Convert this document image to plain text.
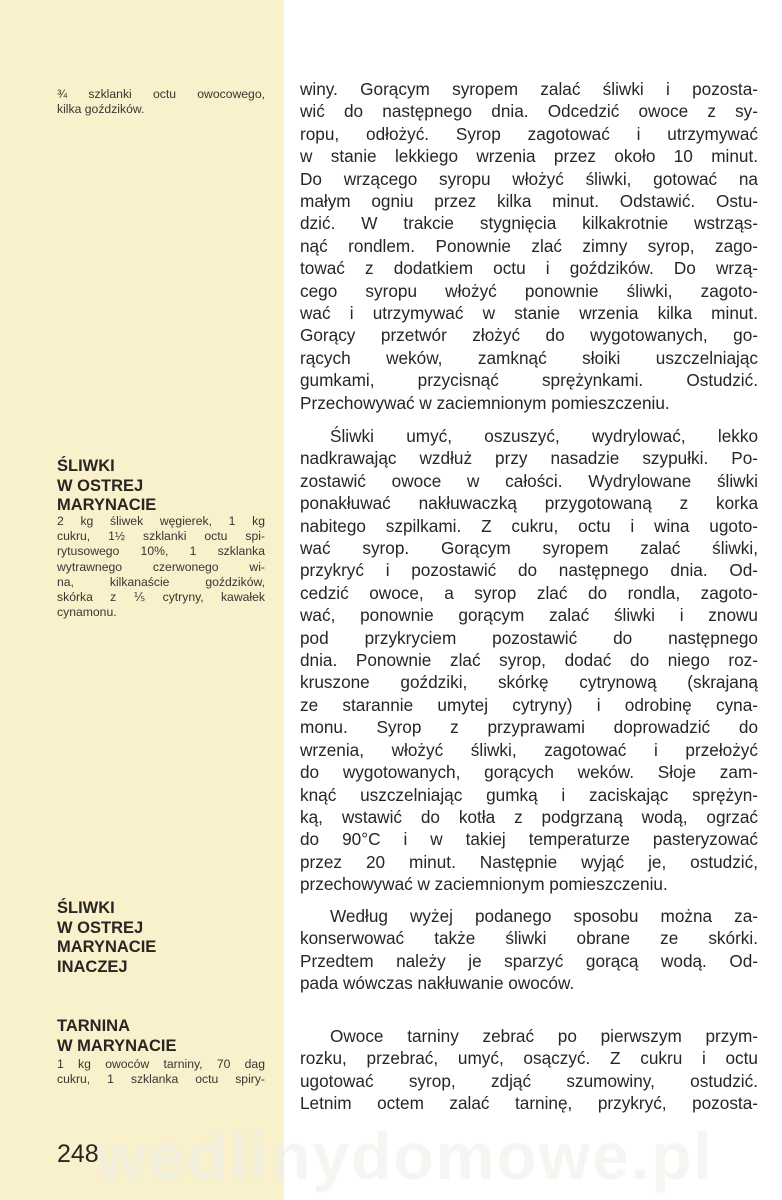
wedlinydomowe.pl
¾ szklanki octu owocowego,
kilka goździków.
ŚLIWKI
W OSTREJ
MARYNACIE
2 kg śliwek węgierek, 1 kg
cukru, 1½ szklanki octu spi-
rytusowego 10%, 1 szklanka
wytrawnego czerwonego wi-
na, kilkanaście goździków,
skórka z ⅕ cytryny, kawałek
cynamonu.
ŚLIWKI
W OSTREJ
MARYNACIE
INACZEJ
TARNINA
W MARYNACIE
1 kg owoców tarniny, 70 dag
cukru, 1 szklanka octu spiry-
winy. Gorącym syropem zalać śliwki i pozosta-
wić do następnego dnia. Odcedzić owoce z sy-
ropu, odłożyć. Syrop zagotować i utrzymywać
w stanie lekkiego wrzenia przez około 10 minut.
Do wrzącego syropu włożyć śliwki, gotować na
małym ogniu przez kilka minut. Odstawić. Ostu-
dzić. W trakcie stygnięcia kilkakrotnie wstrząs-
nąć rondlem. Ponownie zlać zimny syrop, zago-
tować z dodatkiem octu i goździków. Do wrzą-
cego syropu włożyć ponownie śliwki, zagoto-
wać i utrzymywać w stanie wrzenia kilka minut.
Gorący przetwór złożyć do wygotowanych, go-
rących weków, zamknąć słoiki uszczelniając
gumkami, przycisnąć sprężynkami. Ostudzić.
Przechowywać w zaciemnionym pomieszczeniu.
Śliwki umyć, oszuszyć, wydrylować, lekko
nadkrawając wzdłuż przy nasadzie szypułki. Po-
zostawić owoce w całości. Wydrylowane śliwki
ponakłuwać nakłuwaczką przygotowaną z korka
nabitego szpilkami. Z cukru, octu i wina ugoto-
wać syrop. Gorącym syropem zalać śliwki,
przykryć i pozostawić do następnego dnia. Od-
cedzić owoce, a syrop zlać do rondla, zagoto-
wać, ponownie gorącym zalać śliwki i znowu
pod przykryciem pozostawić do następnego
dnia. Ponownie zlać syrop, dodać do niego roz-
kruszone goździki, skórkę cytrynową (skrajaną
ze starannie umytej cytryny) i odrobinę cyna-
monu. Syrop z przyprawami doprowadzić do
wrzenia, włożyć śliwki, zagotować i przełożyć
do wygotowanych, gorących weków. Słoje zam-
knąć uszczelniając gumką i zaciskając sprężyn-
ką, wstawić do kotła z podgrzaną wodą, ogrzać
do 90°C i w takiej temperaturze pasteryzować
przez 20 minut. Następnie wyjąć je, ostudzić,
przechowywać w zaciemnionym pomieszczeniu.
Według wyżej podanego sposobu można za-
konserwować także śliwki obrane ze skórki.
Przedtem należy je sparzyć gorącą wodą. Od-
pada wówczas nakłuwanie owoców.
Owoce tarniny zebrać po pierwszym przym-
rozku, przebrać, umyć, osączyć. Z cukru i octu
ugotować syrop, zdjąć szumowiny, ostudzić.
Letnim octem zalać tarninę, przykryć, pozosta-
248
